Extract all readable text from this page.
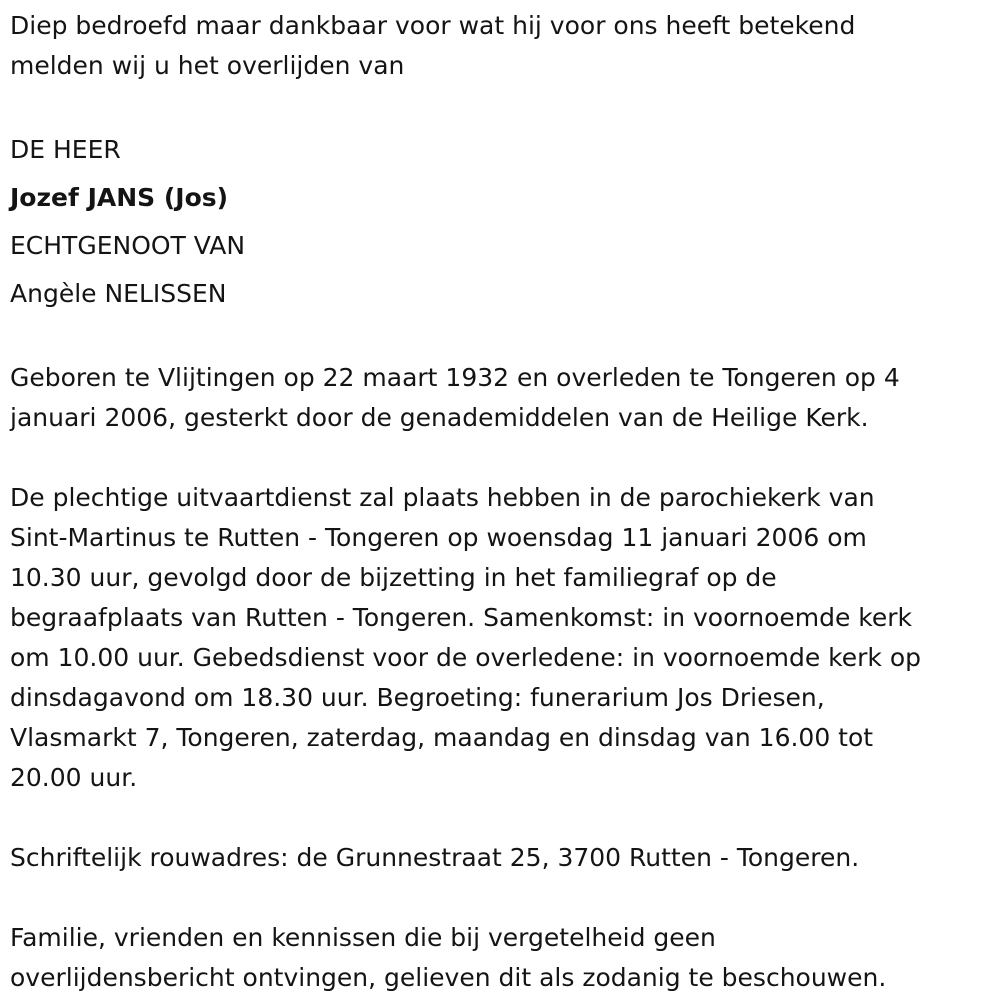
Diep bedroefd maar dankbaar voor wat hij voor ons heeft betekend
melden wij u het overlijden van
DE HEER
Jozef JANS (Jos)
ECHTGENOOT VAN
Angèle NELISSEN
Geboren te Vlijtingen op 22 maart 1932 en overleden te Tongeren op 4
januari 2006, gesterkt door de genademiddelen van de Heilige Kerk.
De plechtige uitvaartdienst zal plaats hebben in de parochiekerk van
Sint-Martinus te Rutten - Tongeren op woensdag 11 januari 2006 om
10.30 uur, gevolgd door de bijzetting in het familiegraf op de
begraafplaats van Rutten - Tongeren. Samenkomst: in voornoemde kerk
om 10.00 uur. Gebedsdienst voor de overledene: in voornoemde kerk op
dinsdagavond om 18.30 uur. Begroeting: funerarium Jos Driesen,
Vlasmarkt 7, Tongeren, zaterdag, maandag en dinsdag van 16.00 tot
20.00 uur.
Schriftelijk rouwadres: de Grunnestraat 25, 3700 Rutten - Tongeren.
Familie, vrienden en kennissen die bij vergetelheid geen
overlijdensbericht ontvingen, gelieven dit als zodanig te beschouwen.
